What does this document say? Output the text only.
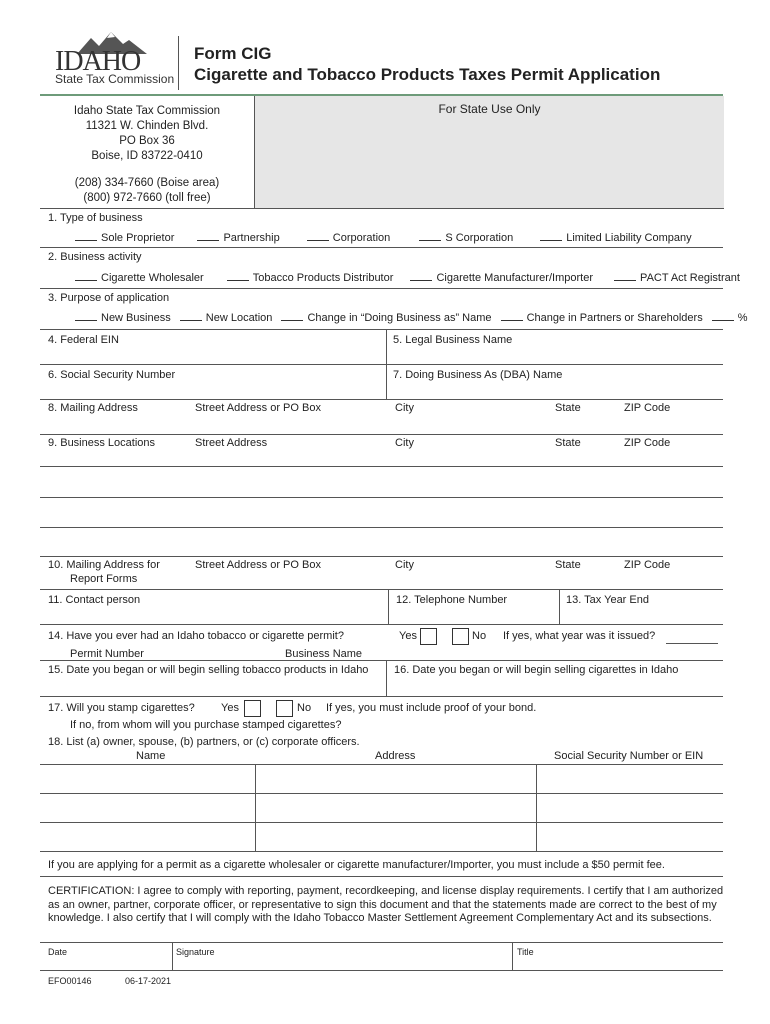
IDAHO
State Tax Commission
Form CIG
Cigarette and Tobacco Products Taxes Permit Application
Idaho State Tax Commission
11321 W. Chinden Blvd.
PO Box 36
Boise, ID 83722-0410
(208) 334-7660 (Boise area)
(800) 972-7660 (toll free)
For State Use Only
1. Type of business
Sole Proprietor	Partnership	Corporation	S Corporation	Limited Liability Company
2. Business activity
Cigarette Wholesaler	Tobacco Products Distributor	Cigarette Manufacturer/Importer	PACT Act Registrant
3. Purpose of application
New Business	New Location	Change in “Doing Business as” Name	Change in Partners or Shareholders	%
4. Federal EIN	5. Legal Business Name
6. Social Security Number	7. Doing Business As (DBA) Name
8. Mailing Address	Street Address or PO Box	City	State	ZIP Code
9. Business Locations	Street Address	City	State	ZIP Code
10. Mailing Address for
Report Forms
Street Address or PO Box	City	State	ZIP Code
11. Contact person	12. Telephone Number	13. Tax Year End
14. Have you ever had an Idaho tobacco or cigarette permit?	Yes	No If yes, what year was it issued?
Permit Number	Business Name
15. Date you began or will begin selling tobacco products in Idaho 16. Date you began or will begin selling cigarettes in Idaho
17. Will you stamp cigarettes? Yes	No If yes, you must include proof of your bond.
If no, from whom will you purchase stamped cigarettes?
18. List (a) owner, spouse, (b) partners, or (c) corporate officers.
Name	Address	Social Security Number or EIN
If you are applying for a permit as a cigarette wholesaler or cigarette manufacturer/Importer, you must include a $50 permit fee.
CERTIFICATION: I agree to comply with reporting, payment, recordkeeping, and license display requirements. I certify that I am authorized as an owner, partner, corporate officer, or representative to sign this document and that the statements made are correct to the best of my knowledge. I also certify that I will comply with the Idaho Tobacco Master Settlement Agreement Complementary Act and its subsections.
Date	Signature	Title
EFO00146	06-17-2021
